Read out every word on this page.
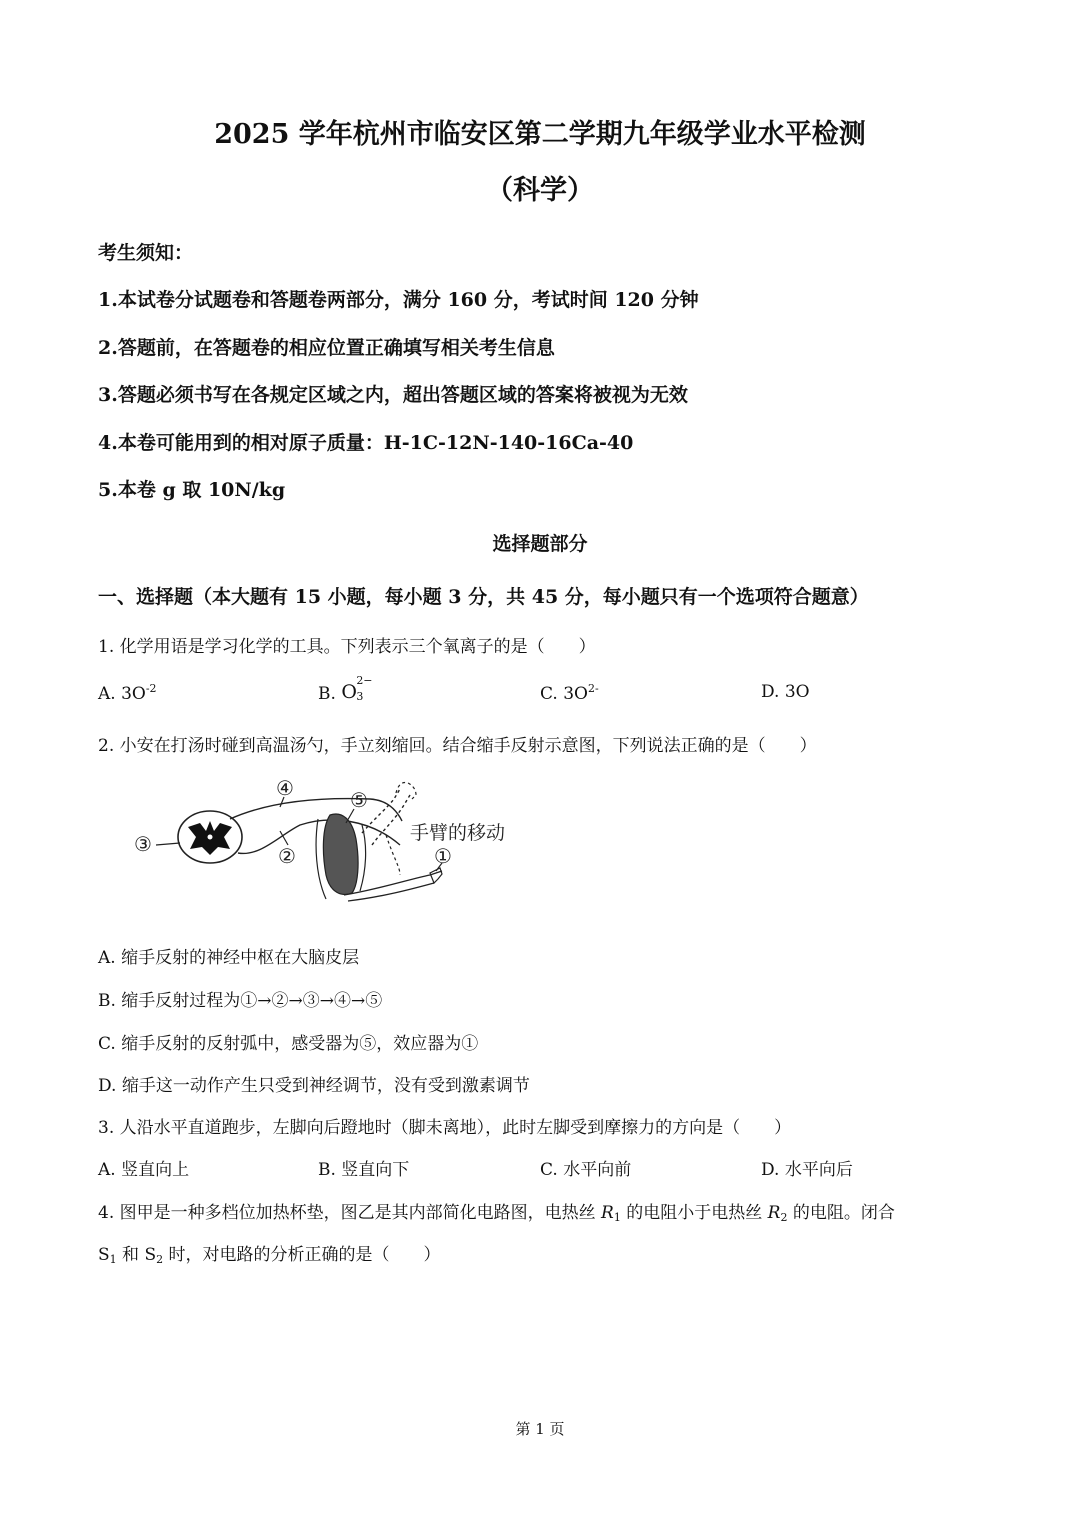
2025 学年杭州市临安区第二学期九年级学业水平检测
（科学）
考生须知：
1.本试卷分试题卷和答题卷两部分，满分 160 分，考试时间 120 分钟
2.答题前，在答题卷的相应位置正确填写相关考生信息
3.答题必须书写在各规定区域之内，超出答题区域的答案将被视为无效
4.本卷可能用到的相对原子质量：H-1C-12N-140-16Ca-40
5.本卷 g 取 10N/kg
选择题部分
一、选择题（本大题有 15 小题，每小题 3 分，共 45 分，每小题只有一个选项符合题意）
1. 化学用语是学习化学的工具。下列表示三个氧离子的是（　　）
A. $3O^{-2}$	B. O
2−
3	C. $3O^{2-}$	D. 3O
2. 小安在打汤时碰到高温汤勺，手立刻缩回。结合缩手反射示意图，下列说法正确的是（　　）
③
④
②
⑤
①
手臂的移动
A. 缩手反射的神经中枢在大脑皮层
B. 缩手反射过程为①→②→③→④→⑤
C. 缩手反射的反射弧中，感受器为⑤，效应器为①
D. 缩手这一动作产生只受到神经调节，没有受到激素调节
3. 人沿水平直道跑步，左脚向后蹬地时（脚未离地），此时左脚受到摩擦力的方向是（　　）
A. 竖直向上	B. 竖直向下	C. 水平向前	D. 水平向后
4. 图甲是一种多档位加热杯垫，图乙是其内部简化电路图，电热丝 $R_1$ 的电阻小于电热丝 $R_2$ 的电阻。闭合
$S_1$ 和 $S_2$ 时，对电路的分析正确的是（　　）
第 1 页
